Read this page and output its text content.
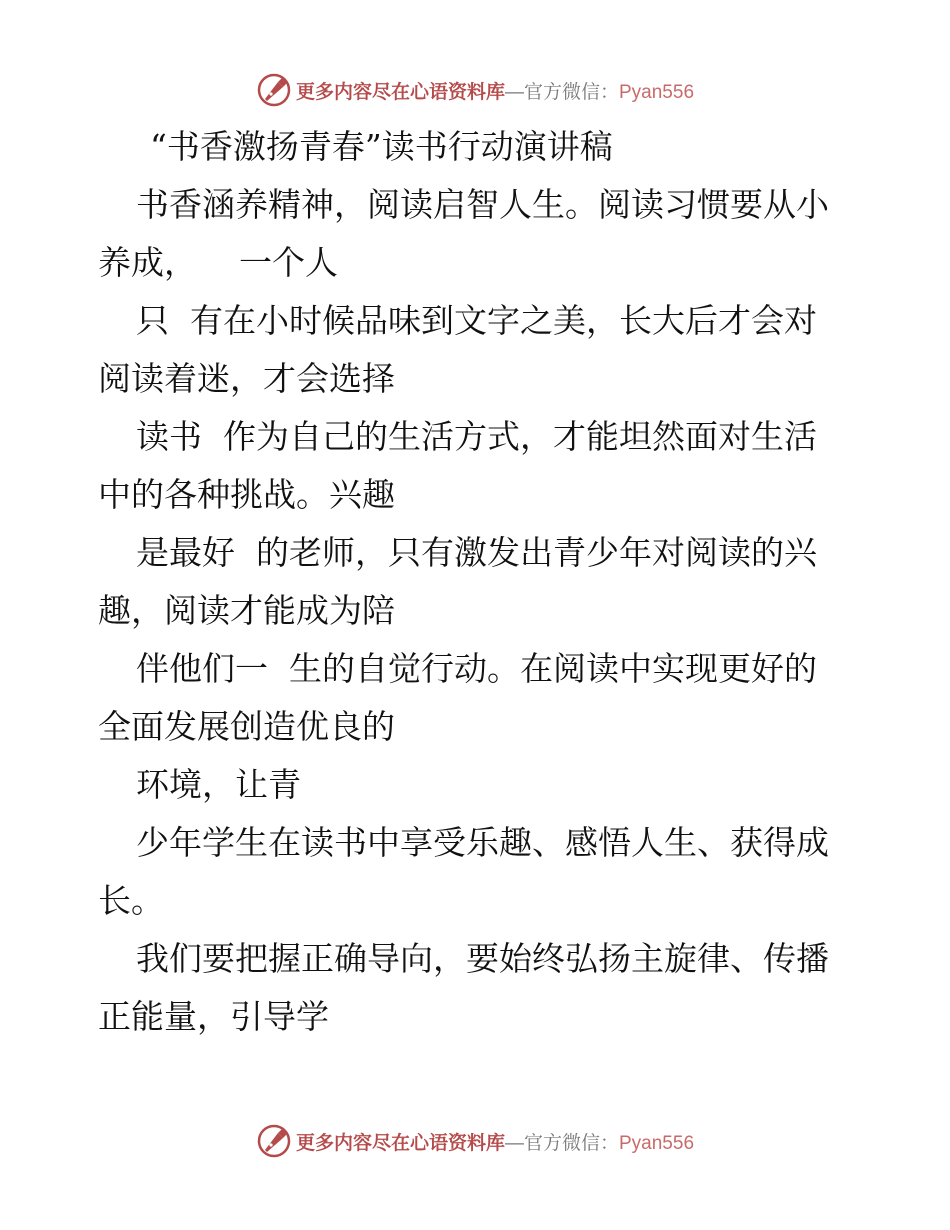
更多内容尽在心语资料库—官方微信：Pyan556
“书香激扬青春”读书行动演讲稿
书香涵养精神，阅读启智人生。阅读习惯要从小
养成，    一个人
只  有在小时候品味到文字之美，长大后才会对
阅读着迷，才会选择
读书  作为自己的生活方式，才能坦然面对生活
中的各种挑战。兴趣
是最好  的老师，只有激发出青少年对阅读的兴
趣，阅读才能成为陪
伴他们一  生的自觉行动。在阅读中实现更好的
全面发展创造优良的
环境，让青
少年学生在读书中享受乐趣、感悟人生、获得成
长。
我们要把握正确导向，要始终弘扬主旋律、传播
正能量，引导学
更多内容尽在心语资料库—官方微信：Pyan556
